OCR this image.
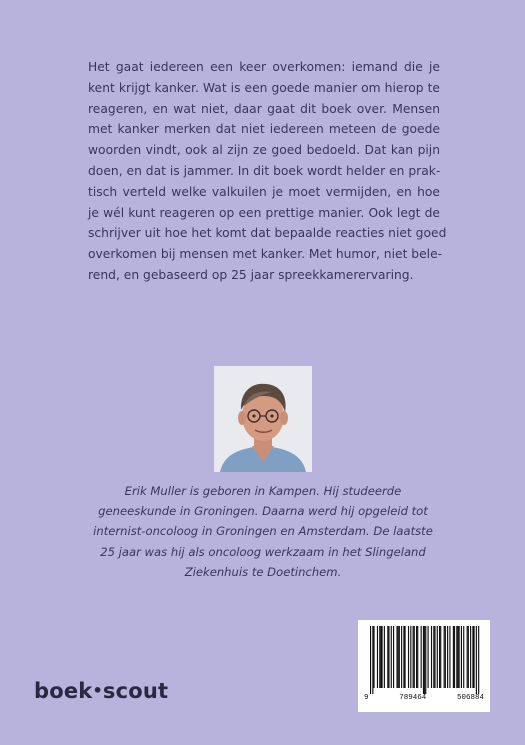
Het gaat iedereen een keer overkomen: iemand die je
kent krijgt kanker. Wat is een goede manier om hierop te
reageren, en wat niet, daar gaat dit boek over. Mensen
met kanker merken dat niet iedereen meteen de goede
woorden vindt, ook al zijn ze goed bedoeld. Dat kan pijn
doen, en dat is jammer. In dit boek wordt helder en prak-
tisch verteld welke valkuilen je moet vermijden, en hoe
je wél kunt reageren op een prettige manier. Ook legt de
schrijver uit hoe het komt dat bepaalde reacties niet goed
overkomen bij mensen met kanker. Met humor, niet bele-
rend, en gebaseerd op 25 jaar spreekkamerervaring.
Erik Muller is geboren in Kampen. Hij studeerde
geneeskunde in Groningen. Daarna werd hij opgeleid tot
internist-oncoloog in Groningen en Amsterdam. De laatste
25 jaar was hij als oncoloog werkzaam in het Slingeland
Ziekenhuis te Doetinchem.
9	789464	506884
boek•scout
